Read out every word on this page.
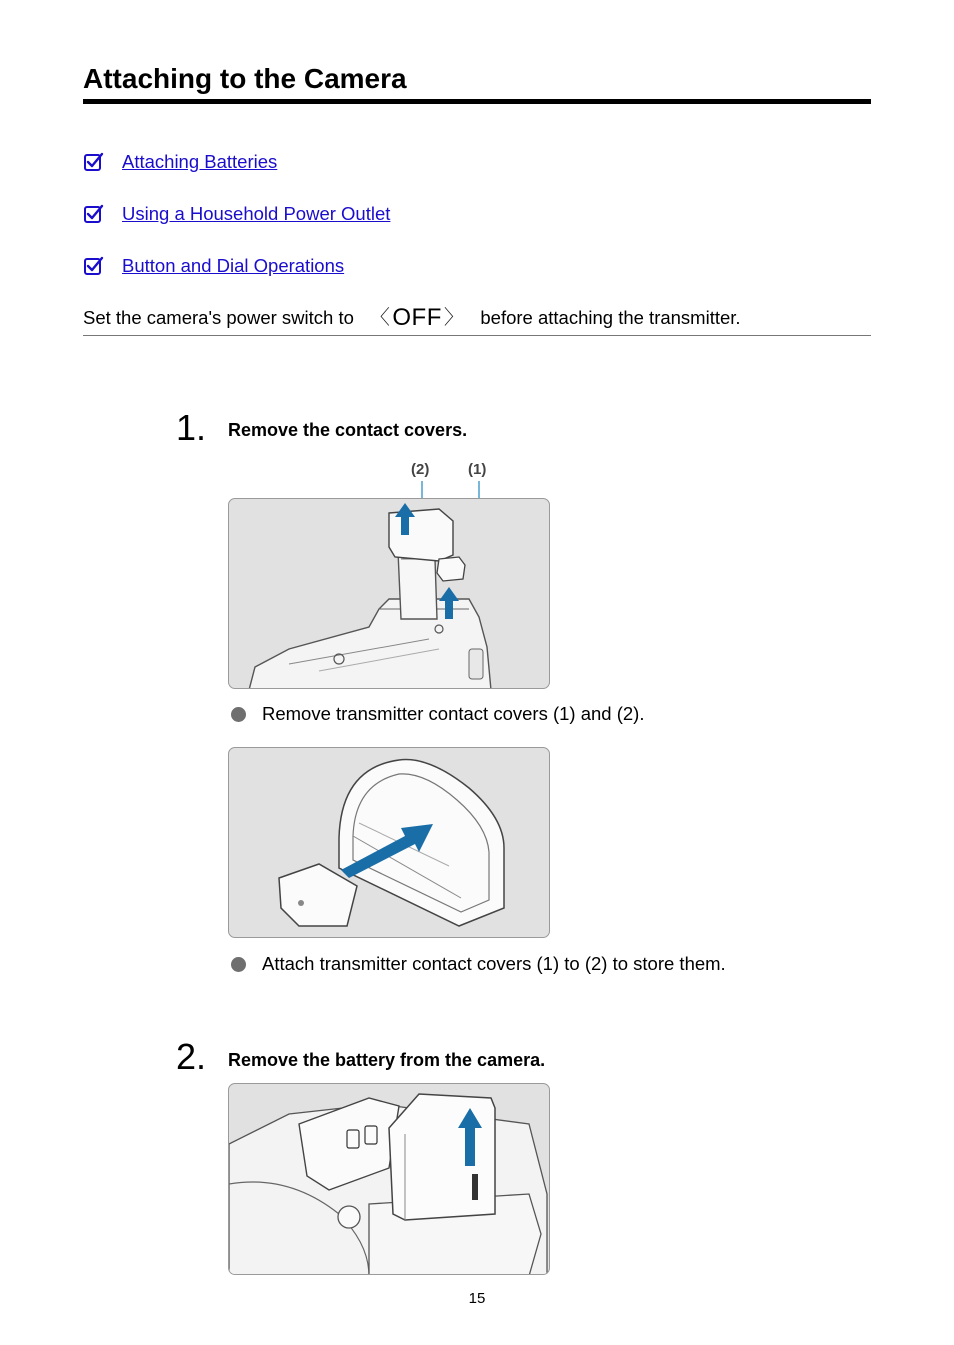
Attaching to the Camera
Attaching Batteries
Using a Household Power Outlet
Button and Dial Operations
Set the camera's power switch to 〈 OFF 〉 before attaching the transmitter.
1. Remove the contact covers.
(2)	(1)
Remove transmitter contact covers (1) and (2).
Attach transmitter contact covers (1) to (2) to store them.
2. Remove the battery from the camera.
15
